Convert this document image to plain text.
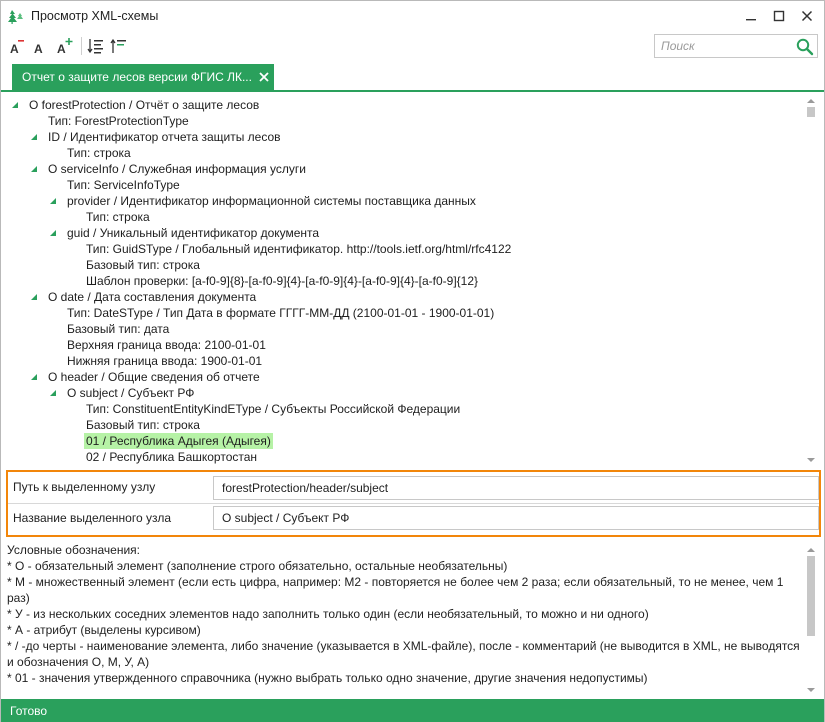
Просмотр XML-схемы
A A A
Поиск
Отчет о защите лесов версии ФГИС ЛК...
O forestProtection / Отчёт о защите лесов
Тип: ForestProtectionType
ID / Идентификатор отчета защиты лесов
Тип: строка
O serviceInfo / Служебная информация услуги
Тип: ServiceInfoType
provider / Идентификатор информационной системы поставщика данных
Тип: строка
guid / Уникальный идентификатор документа
Тип: GuidSType / Глобальный идентификатор. http://tools.ietf.org/html/rfc4122
Базовый тип: строка
Шаблон проверки: [a-f0-9]{8}-[a-f0-9]{4}-[a-f0-9]{4}-[a-f0-9]{4}-[a-f0-9]{12}
O date / Дата составления документа
Тип: DateSType / Тип Дата в формате ГГГГ-ММ-ДД (2100-01-01 - 1900-01-01)
Базовый тип: дата
Верхняя граница ввода: 2100-01-01
Нижняя граница ввода: 1900-01-01
O header / Общие сведения об отчете
O subject / Субъект РФ
Тип: ConstituentEntityKindEType / Субъекты Российской Федерации
Базовый тип: строка
01 / Республика Адыгея (Адыгея)
02 / Республика Башкортостан
Путь к выделенному узлу	forestProtection/header/subject
Название выделенного узла	O subject / Субъект РФ
Условные обозначения:
* O - обязательный элемент (заполнение строго обязательно, остальные необязательны)
* M - множественный элемент (если есть цифра, например: M2 - повторяется не более чем 2 раза; если обязательный, то не менее, чем 1
раз)
* У - из нескольких соседних элементов надо заполнить только один (если необязательный, то можно и ни одного)
* А - атрибут (выделены курсивом)
* / -до черты - наименование элемента, либо значение (указывается в XML-файле), после - комментарий (не выводится в XML, не выводятся
и обозначения О, М, У, А)
* 01 - значения утвержденного справочника (нужно выбрать только одно значение, другие значения недопустимы)
Готово
